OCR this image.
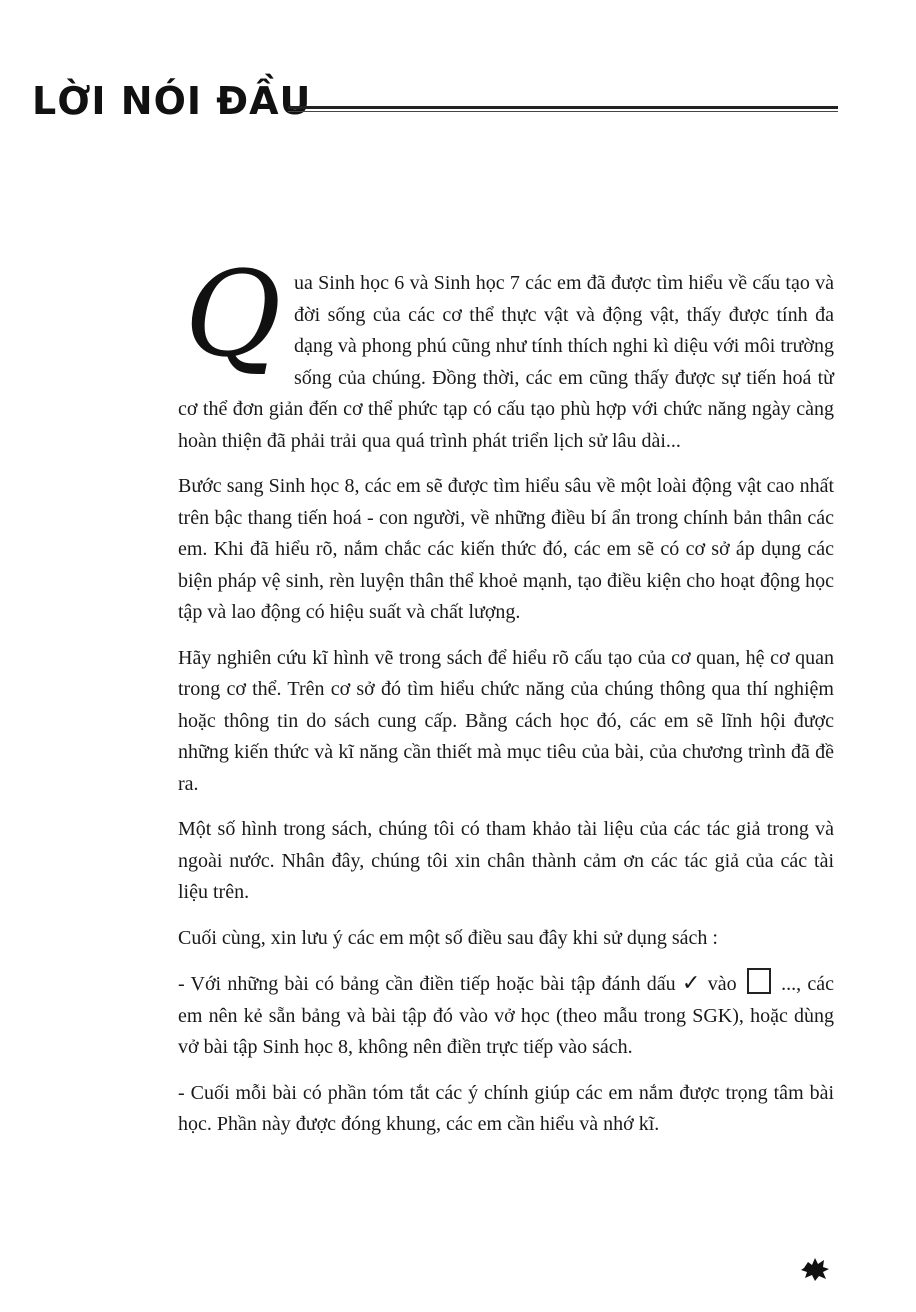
LỜI NÓI ĐẦU

Q ua Sinh học 6 và Sinh học 7 các em đã được tìm hiểu về cấu tạo và đời sống của các cơ thể thực vật và động vật, thấy được tính đa dạng và phong phú cũng như tính thích nghi kì diệu với môi trường sống của chúng. Đồng thời, các em cũng thấy được sự tiến hoá từ cơ thể đơn giản đến cơ thể phức tạp có cấu tạo phù hợp với chức năng ngày càng hoàn thiện đã phải trải qua quá trình phát triển lịch sử lâu dài...

Bước sang Sinh học 8, các em sẽ được tìm hiểu sâu về một loài động vật cao nhất trên bậc thang tiến hoá - con người, về những điều bí ẩn trong chính bản thân các em. Khi đã hiểu rõ, nắm chắc các kiến thức đó, các em sẽ có cơ sở áp dụng các biện pháp vệ sinh, rèn luyện thân thể khoẻ mạnh, tạo điều kiện cho hoạt động học tập và lao động có hiệu suất và chất lượng.

Hãy nghiên cứu kĩ hình vẽ trong sách để hiểu rõ cấu tạo của cơ quan, hệ cơ quan trong cơ thể. Trên cơ sở đó tìm hiểu chức năng của chúng thông qua thí nghiệm hoặc thông tin do sách cung cấp. Bằng cách học đó, các em sẽ lĩnh hội được những kiến thức và kĩ năng cần thiết mà mục tiêu của bài, của chương trình đã đề ra.

Một số hình trong sách, chúng tôi có tham khảo tài liệu của các tác giả trong và ngoài nước. Nhân đây, chúng tôi xin chân thành cảm ơn các tác giả của các tài liệu trên.

Cuối cùng, xin lưu ý các em một số điều sau đây khi sử dụng sách :

- Với những bài có bảng cần điền tiếp hoặc bài tập đánh dấu ✓ vào ..., các em nên kẻ sẵn bảng và bài tập đó vào vở học (theo mẫu trong SGK), hoặc dùng vở bài tập Sinh học 8, không nên điền trực tiếp vào sách.

- Cuối mỗi bài có phần tóm tắt các ý chính giúp các em nắm được trọng tâm bài học. Phần này được đóng khung, các em cần hiểu và nhớ kĩ.
